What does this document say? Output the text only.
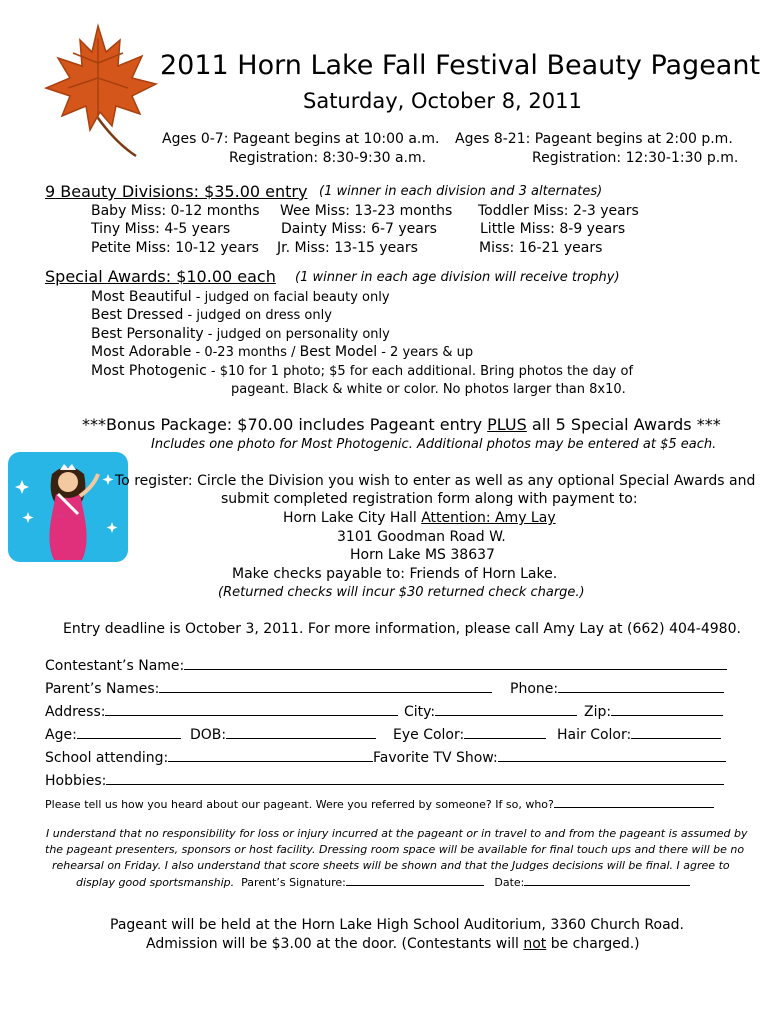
2011 Horn Lake Fall Festival Beauty Pageant
Saturday, October 8, 2011
Ages 0-7: Pageant begins at 10:00 a.m.
Registration: 8:30-9:30 a.m.
Ages 8-21: Pageant begins at 2:00 p.m.
Registration: 12:30-1:30 p.m.
9 Beauty Divisions: $35.00 entry (1 winner in each division and 3 alternates)
Baby Miss: 0-12 months Wee Miss: 13-23 months Toddler Miss: 2-3 years
Tiny Miss: 4-5 years	Dainty Miss: 6-7 years	Little Miss: 8-9 years
Petite Miss: 10-12 years Jr. Miss: 13-15 years	Miss: 16-21 years
Special Awards: $10.00 each (1 winner in each age division will receive trophy)
Most Beautiful - judged on facial beauty only
Best Dressed - judged on dress only
Best Personality - judged on personality only
Most Adorable - 0-23 months / Best Model - 2 years & up
Most Photogenic - $10 for 1 photo; $5 for each additional. Bring photos the day of
pageant. Black & white or color. No photos larger than 8x10.
***Bonus Package: $70.00 includes Pageant entry PLUS all 5 Special Awards ***
Includes one photo for Most Photogenic. Additional photos may be entered at $5 each.
To register: Circle the Division you wish to enter as well as any optional Special Awards and
submit completed registration form along with payment to:
Horn Lake City Hall Attention: Amy Lay
3101 Goodman Road W.
Horn Lake MS 38637
Make checks payable to: Friends of Horn Lake.
(Returned checks will incur $30 returned check charge.)
Entry deadline is October 3, 2011. For more information, please call Amy Lay at (662) 404-4980.
Contestant’s Name:
Parent’s Names:	Phone:
Address:	City:	Zip:
Age:	DOB:	Eye Color:	Hair Color:
School attending:	Favorite TV Show:
Hobbies:
Please tell us how you heard about our pageant. Were you referred by someone? If so, who?
I understand that no responsibility for loss or injury incurred at the pageant or in travel to and from the pageant is assumed by
the pageant presenters, sponsors or host facility. Dressing room space will be available for final touch ups and there will be no
rehearsal on Friday. I also understand that score sheets will be shown and that the Judges decisions will be final. I agree to
display good sportsmanship. Parent’s Signature:	Date:
Pageant will be held at the Horn Lake High School Auditorium, 3360 Church Road.
Admission will be $3.00 at the door. (Contestants will not be charged.)
